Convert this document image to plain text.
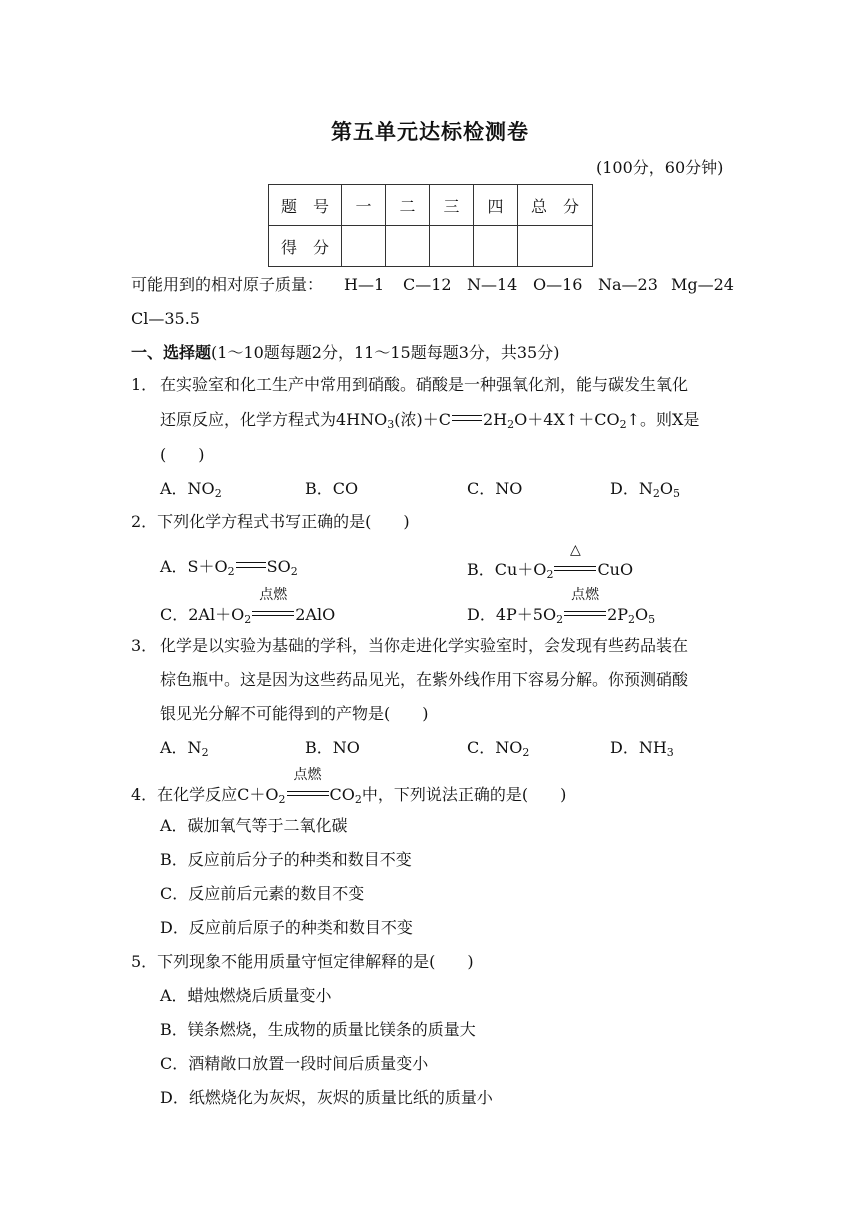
第五单元达标检测卷
(100分，60分钟)
题　号	一	二	三	四	总　分
得　分					
可能用到的相对原子质量： H—1 C—12 N—14 O—16 Na—23 Mg—24
Cl—35.5
一、选择题(1～10题每题2分，11～15题每题3分，共35分)
1． 在实验室和化工生产中常用到硝酸。硝酸是一种强氧化剂，能与碳发生氧化
还原反应，化学方程式为$4HNO_3$(浓)＋C $2H_2O+4X↑+CO_2↑$。则X是
(　　)
A．$NO_2$	B．CO	C．NO	D．$N_2O_5$
2．下列化学方程式书写正确的是(　　)
A．$S+O_2$ $SO_2$	B．$Cu+O_2$
△
CuO
C．$2Al+O_2$
点燃
2AlO	D．$4P+5O_2$
点燃
$2P_2O_5$
3． 化学是以实验为基础的学科，当你走进化学实验室时，会发现有些药品装在
棕色瓶中。这是因为这些药品见光，在紫外线作用下容易分解。你预测硝酸
银见光分解不可能得到的产物是(　　)
A．$N_2$	B．NO	C．$NO_2$	D．$NH_3$
4．在化学反应$C+O_2$
点燃
$CO_2$中，下列说法正确的是(　　)
A．碳加氧气等于二氧化碳
B．反应前后分子的种类和数目不变
C．反应前后元素的数目不变
D．反应前后原子的种类和数目不变
5．下列现象不能用质量守恒定律解释的是(　　)
A．蜡烛燃烧后质量变小
B．镁条燃烧，生成物的质量比镁条的质量大
C．酒精敞口放置一段时间后质量变小
D．纸燃烧化为灰烬，灰烬的质量比纸的质量小
